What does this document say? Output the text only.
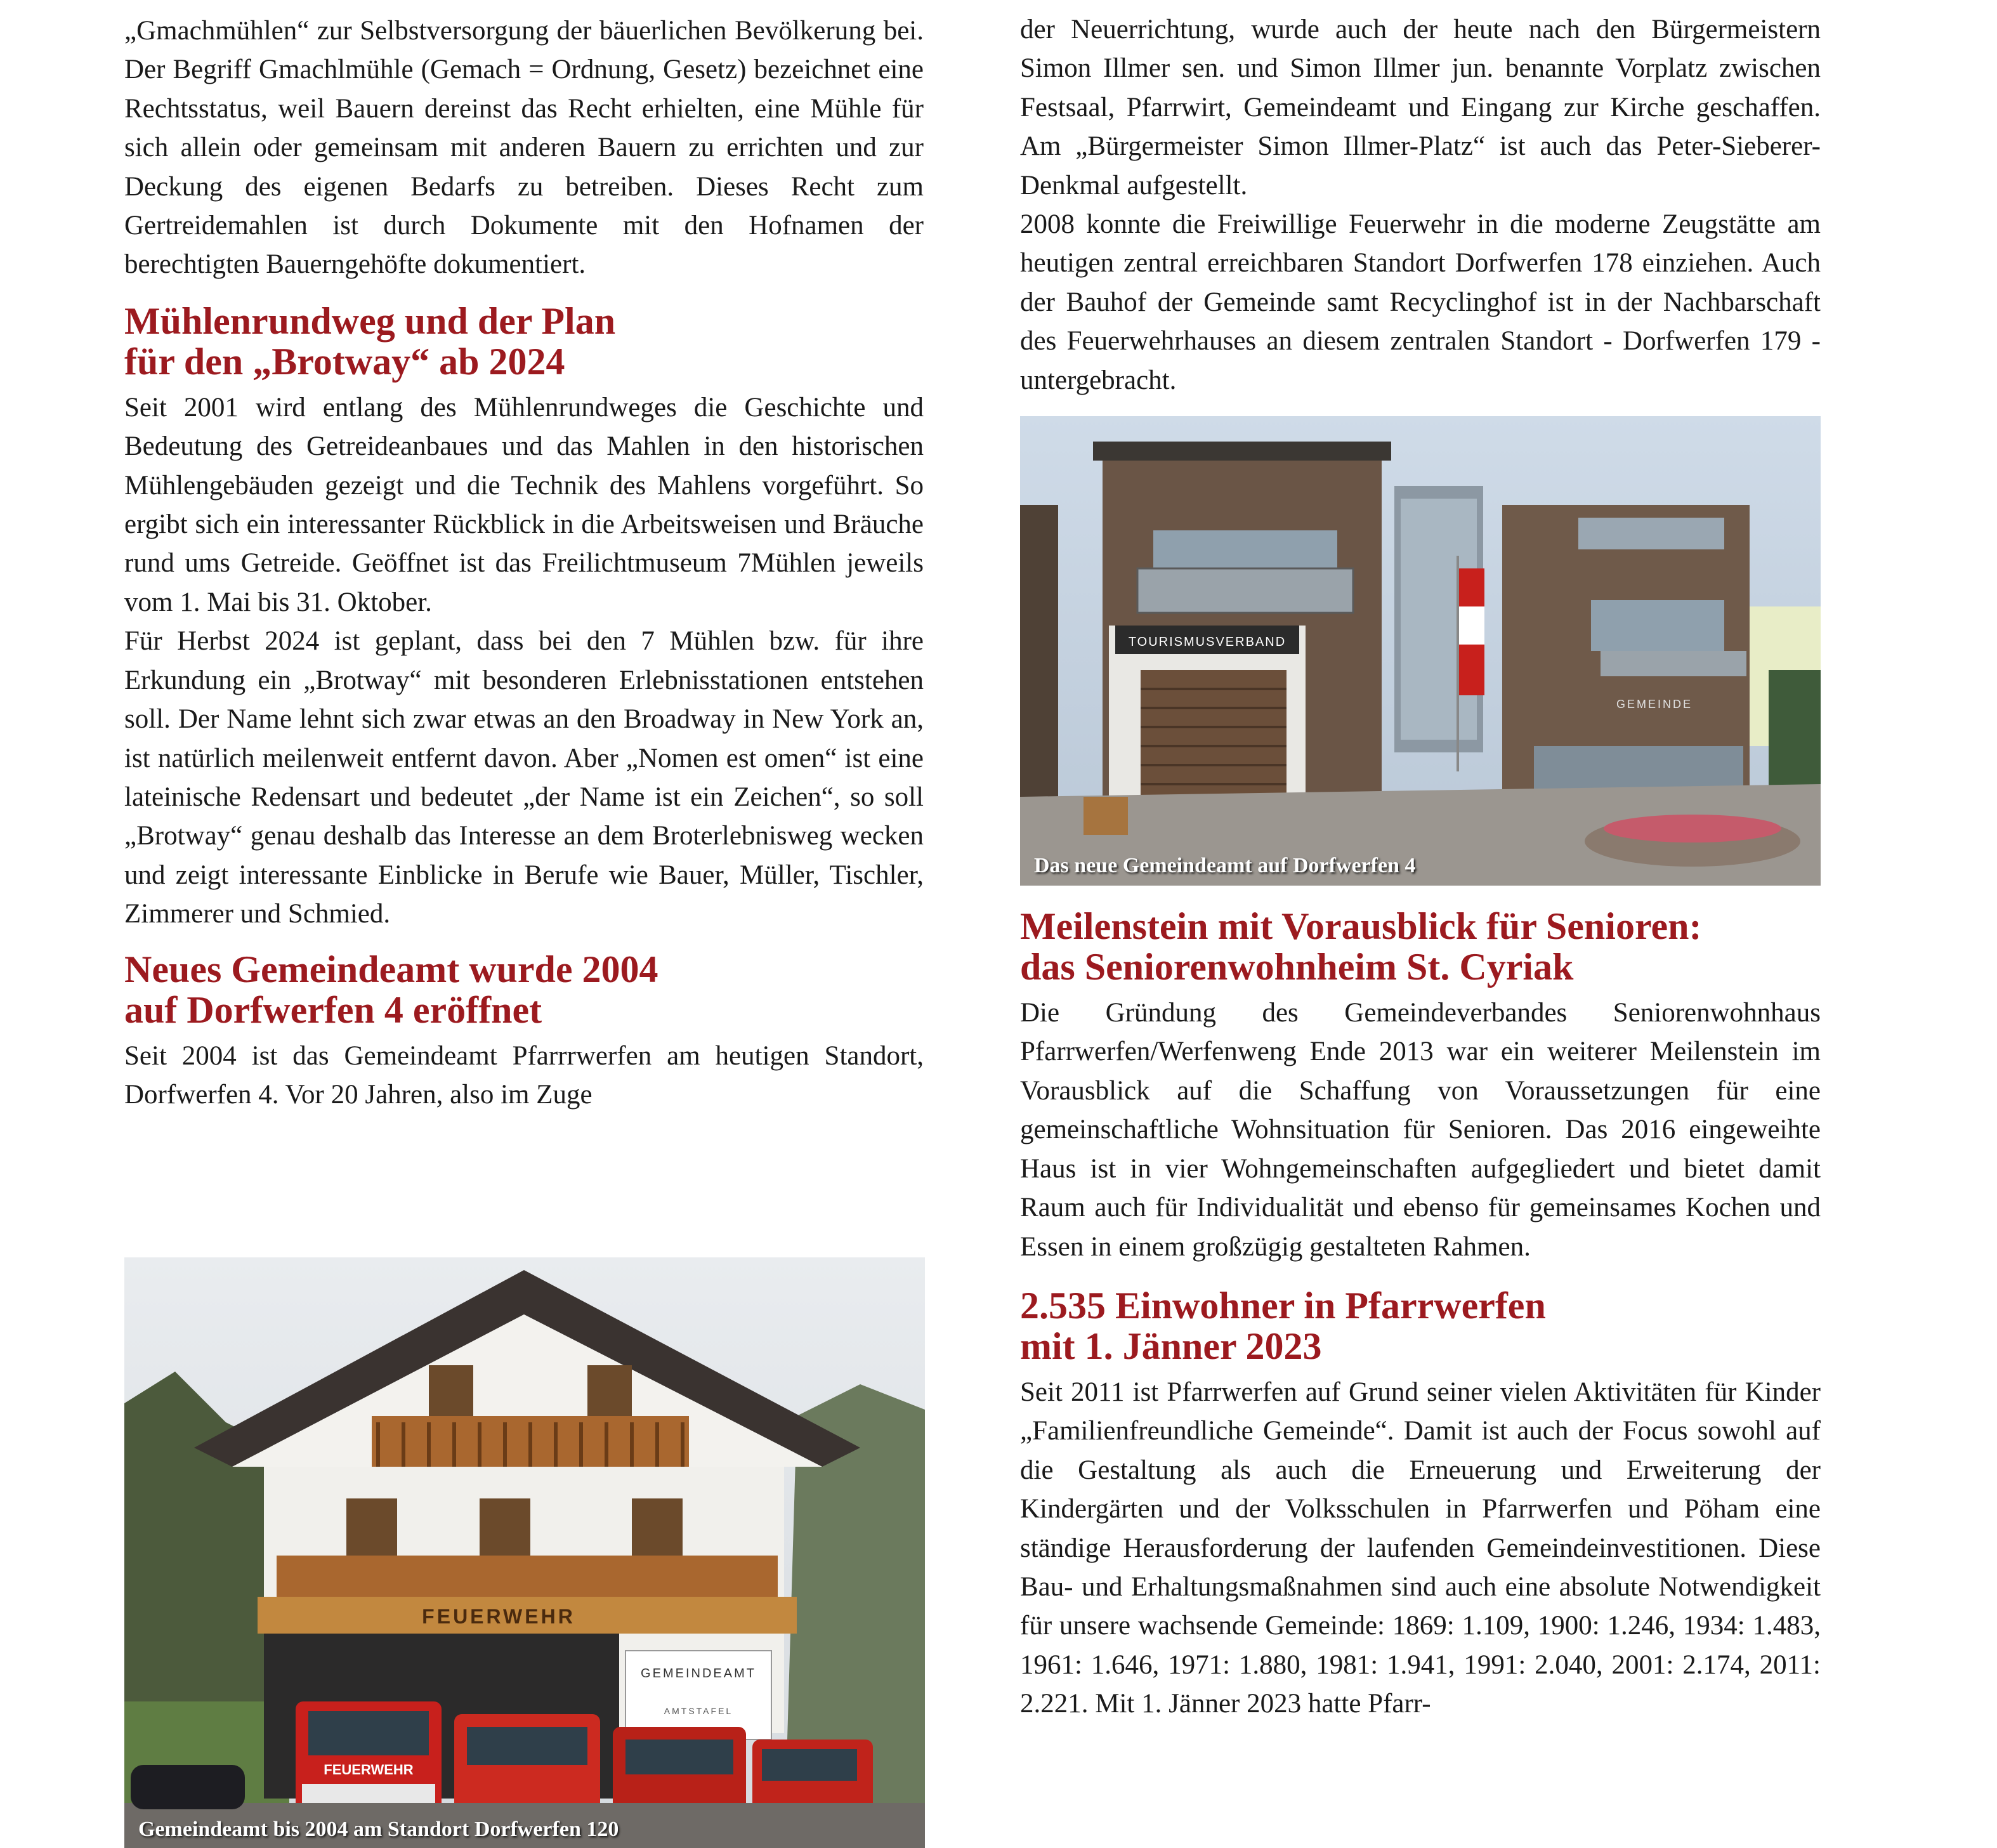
„Gmachmühlen“ zur Selbstversorgung der bäuerlichen Bevölkerung bei. Der Begriff Gmachlmühle (Gemach = Ordnung, Gesetz) bezeichnet eine Rechtsstatus, weil Bauern dereinst das Recht erhielten, eine Mühle für sich allein oder gemeinsam mit anderen Bauern zu errichten und zur Deckung des eigenen Bedarfs zu betreiben. Dieses Recht zum Gertreidemahlen ist durch Dokumente mit den Hofnamen der berechtigten Bauerngehöfte dokumentiert.

Mühlenrundweg und der Plan
für den „Brotway“ ab 2024

Seit 2001 wird entlang des Mühlenrundweges die Geschichte und Bedeutung des Getreideanbaues und das Mahlen in den historischen Mühlengebäuden gezeigt und die Technik des Mahlens vorgeführt. So ergibt sich ein interessanter Rückblick in die Arbeitsweisen und Bräuche rund ums Getreide. Geöffnet ist das Freilichtmuseum 7Mühlen jeweils vom 1. Mai bis 31. Oktober.

Für Herbst 2024 ist geplant, dass bei den 7 Mühlen bzw. für ihre Erkundung ein „Brotway“ mit besonderen Erlebnisstationen entstehen soll. Der Name lehnt sich zwar etwas an den Broadway in New York an, ist natürlich meilenweit entfernt davon. Aber „Nomen est omen“ ist eine lateinische Redensart und bedeutet „der Name ist ein Zeichen“, so soll „Brotway“ genau deshalb das Interesse an dem Broterlebnisweg wecken und zeigt interessante Einblicke in Berufe wie Bauer, Müller, Tischler, Zimmerer und Schmied.

Neues Gemeindeamt wurde 2004
auf Dorfwerfen 4 eröffnet

Seit 2004 ist das Gemeindeamt Pfarrrwerfen am heutigen Standort, Dorfwerfen 4. Vor 20 Jahren, also im Zuge

FEUERWEHR
GEMEINDEAMT
AMTSTAFEL
FEUERWEHR
Gemeindeamt bis 2004 am Standort Dorfwerfen 120

der Neuerrichtung, wurde auch der heute nach den Bürgermeistern Simon Illmer sen. und Simon Illmer jun. benannte Vorplatz zwischen Festsaal, Pfarrwirt, Gemeindeamt und Eingang zur Kirche geschaffen. Am „Bürgermeister Simon Illmer-Platz“ ist auch das Peter-Sieberer-Denkmal aufgestellt.

2008 konnte die Freiwillige Feuerwehr in die moderne Zeugstätte am heutigen zentral erreichbaren Standort Dorfwerfen 178 einziehen. Auch der Bauhof der Gemeinde samt Recyclinghof ist in der Nachbarschaft des Feuerwehrhauses an diesem zentralen Standort - Dorfwerfen 179 - untergebracht.

TOURISMUSVERBAND
GEMEINDE
Das neue Gemeindeamt auf Dorfwerfen 4
Meilenstein mit Vorausblick für Senioren:
das Seniorenwohnheim St. Cyriak

Die Gründung des Gemeindeverbandes Seniorenwohnhaus Pfarrwerfen/Werfenweng Ende 2013 war ein weiterer Meilenstein im Vorausblick auf die Schaffung von Voraussetzungen für eine gemeinschaftliche Wohnsituation für Senioren. Das 2016 eingeweihte Haus ist in vier Wohngemeinschaften aufgegliedert und bietet damit Raum auch für Individualität und ebenso für gemeinsames Kochen und Essen in einem großzügig gestalteten Rahmen.

2.535 Einwohner in Pfarrwerfen
mit 1. Jänner 2023

Seit 2011 ist Pfarrwerfen auf Grund seiner vielen Aktivitäten für Kinder „Familienfreundliche Gemeinde“. Damit ist auch der Focus sowohl auf die Gestaltung als auch die Erneuerung und Erweiterung der Kindergärten und der Volksschulen in Pfarrwerfen und Pöham eine ständige Herausforderung der laufenden Gemeindeinvestitionen. Diese Bau- und Erhaltungsmaßnahmen sind auch eine absolute Notwendigkeit für unsere wachsende Gemeinde: 1869: 1.109, 1900: 1.246, 1934: 1.483, 1961: 1.646, 1971: 1.880, 1981: 1.941, 1991: 2.040, 2001: 2.174, 2011: 2.221. Mit 1. Jänner 2023 hatte Pfarr-
